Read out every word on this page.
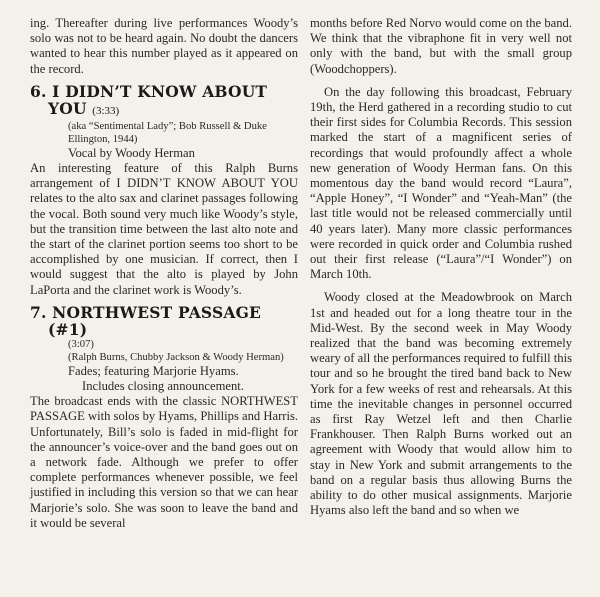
ing. Thereafter during live performances Woody’s solo was not to be heard again. No doubt the dancers wanted to hear this number played as it appeared on the record.

6. I DIDN’T KNOW ABOUT YOU (3:33)
(aka “Sentimental Lady”; Bob Russell & Duke Ellington, 1944)
Vocal by Woody Herman

An interesting feature of this Ralph Burns arrangement of I DIDN’T KNOW ABOUT YOU relates to the alto sax and clarinet passages following the vocal. Both sound very much like Woody’s style, but the transition time between the last alto note and the start of the clarinet portion seems too short to be accomplished by one musician. If correct, then I would suggest that the alto is played by John LaPorta and the clarinet work is Woody’s.

7. NORTHWEST PASSAGE (#1)
(3:07)
(Ralph Burns, Chubby Jackson & Woody Herman)
Fades; featuring Marjorie Hyams.
Includes closing announcement.

The broadcast ends with the classic NORTHWEST PASSAGE with solos by Hyams, Phillips and Harris. Unfortunately, Bill’s solo is faded in mid-flight for the announcer’s voice-over and the band goes out on a network fade. Although we prefer to offer complete performances whenever possible, we feel justified in including this version so that we can hear Marjorie’s solo. She was soon to leave the band and it would be several

months before Red Norvo would come on the band. We think that the vibraphone fit in very well not only with the band, but with the small group (Woodchoppers).

On the day following this broadcast, February 19th, the Herd gathered in a recording studio to cut their first sides for Columbia Records. This session marked the start of a magnificent series of recordings that would profoundly affect a whole new generation of Woody Herman fans. On this momentous day the band would record “Laura”, “Apple Honey”, “I Wonder” and “Yeah-Man” (the last title would not be released commercially until 40 years later). Many more classic performances were recorded in quick order and Columbia rushed out their first release (“Laura”/“I Wonder”) on March 10th.

Woody closed at the Meadowbrook on March 1st and headed out for a long theatre tour in the Mid-West. By the second week in May Woody realized that the band was becoming extremely weary of all the performances required to fulfill this tour and so he brought the tired band back to New York for a few weeks of rest and rehearsals. At this time the inevitable changes in personnel occurred as first Ray Wetzel left and then Charlie Frankhouser. Then Ralph Burns worked out an agreement with Woody that would allow him to stay in New York and submit arrangements to the band on a regular basis thus allowing Burns the ability to do other musical assignments. Marjorie Hyams also left the band and so when we
